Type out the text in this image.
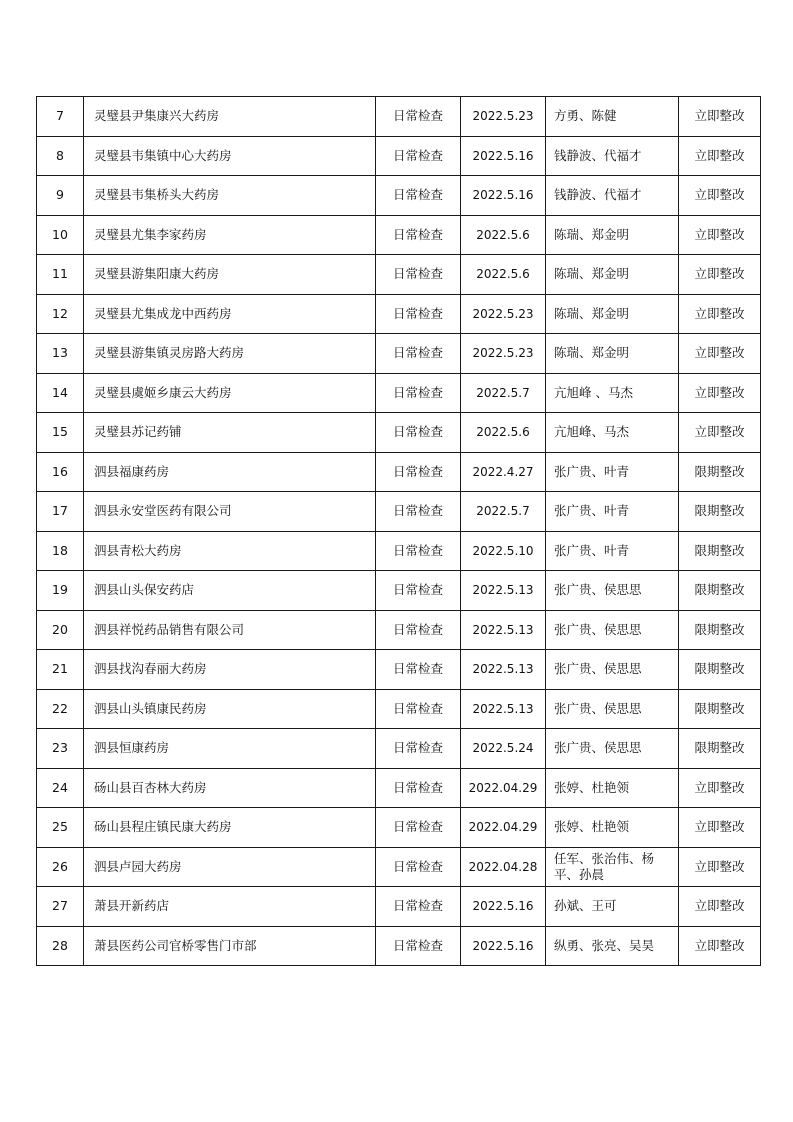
7	灵璧县尹集康兴大药房	日常检查	2022.5.23	方勇、陈健	立即整改
8	灵璧县韦集镇中心大药房	日常检查	2022.5.16	钱静波、代福才	立即整改
9	灵璧县韦集桥头大药房	日常检查	2022.5.16	钱静波、代福才	立即整改
10	灵璧县尤集李家药房	日常检查	2022.5.6	陈瑞、郑金明	立即整改
11	灵璧县游集阳康大药房	日常检查	2022.5.6	陈瑞、郑金明	立即整改
12	灵璧县尤集成龙中西药房	日常检查	2022.5.23	陈瑞、郑金明	立即整改
13	灵璧县游集镇灵房路大药房	日常检查	2022.5.23	陈瑞、郑金明	立即整改
14	灵璧县虞姬乡康云大药房	日常检查	2022.5.7	亢旭峰 、马杰	立即整改
15	灵璧县苏记药铺	日常检查	2022.5.6	亢旭峰、马杰	立即整改
16	泗县福康药房	日常检查	2022.4.27	张广贵、叶青	限期整改
17	泗县永安堂医药有限公司	日常检查	2022.5.7	张广贵、叶青	限期整改
18	泗县青松大药房	日常检查	2022.5.10	张广贵、叶青	限期整改
19	泗县山头保安药店	日常检查	2022.5.13	张广贵、侯思思	限期整改
20	泗县祥悦药品销售有限公司	日常检查	2022.5.13	张广贵、侯思思	限期整改
21	泗县找沟春丽大药房	日常检查	2022.5.13	张广贵、侯思思	限期整改
22	泗县山头镇康民药房	日常检查	2022.5.13	张广贵、侯思思	限期整改
23	泗县恒康药房	日常检查	2022.5.24	张广贵、侯思思	限期整改
24	砀山县百杏林大药房	日常检查	2022.04.29	张婷、杜艳领	立即整改
25	砀山县程庄镇民康大药房	日常检查	2022.04.29	张婷、杜艳领	立即整改
26	泗县卢园大药房	日常检查	2022.04.28	任军、张治伟、杨平、孙晨	立即整改
27	萧县开新药店	日常检查	2022.5.16	孙斌、王可	立即整改
28	萧县医药公司官桥零售门市部	日常检查	2022.5.16	纵勇、张亮、吴昊	立即整改
